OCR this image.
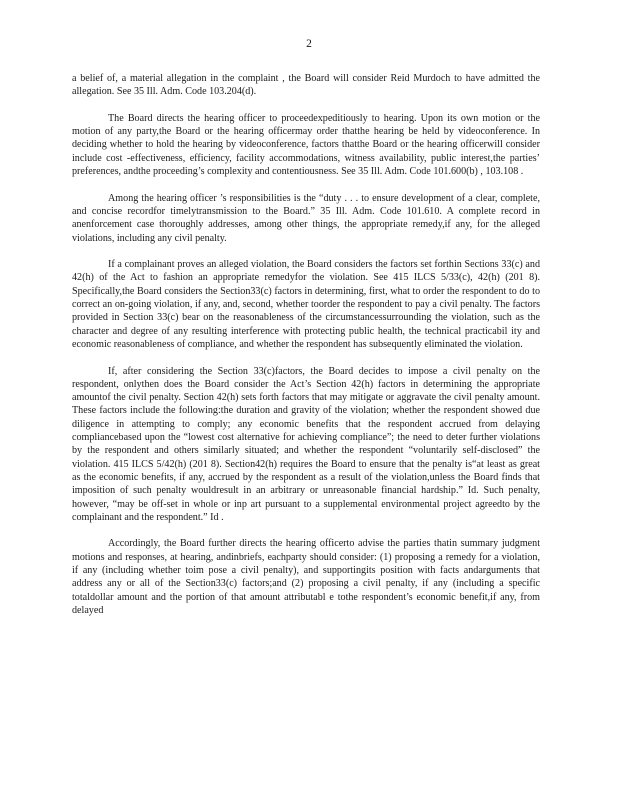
2

a belief of, a material allegation in the complaint , the Board will consider Reid Murdoch to have admitted the allegation. See 35 Ill. Adm. Code 103.204(d).

The Board directs the hearing officer to proceedexpeditiously to hearing. Upon its own motion or the motion of any party,the Board or the hearing officermay order thatthe hearing be held by videoconference. In deciding whether to hold the hearing by videoconference, factors thatthe Board or the hearing officerwill consider include cost -effectiveness, efficiency, facility accommodations, witness availability, public interest,the parties’ preferences, andthe proceeding’s complexity and contentiousness. See 35 Ill. Adm. Code 101.600(b) , 103.108 .

Among the hearing officer ’s responsibilities is the “duty . . . to ensure development of a clear, complete, and concise recordfor timelytransmission to the Board.” 35 Ill. Adm. Code 101.610. A complete record in anenforcement case thoroughly addresses, among other things, the appropriate remedy,if any, for the alleged violations, including any civil penalty.

If a complainant proves an alleged violation, the Board considers the factors set forthin Sections 33(c) and 42(h) of the Act to fashion an appropriate remedyfor the violation. See 415 ILCS 5/33(c), 42(h) (201 8). Specifically,the Board considers the Section33(c) factors in determining, first, what to order the respondent to do to correct an on-going violation, if any, and, second, whether toorder the respondent to pay a civil penalty. The factors provided in Section 33(c) bear on the reasonableness of the circumstancessurrounding the violation, such as the character and degree of any resulting interference with protecting public health, the technical practicabil ity and economic reasonableness of compliance, and whether the respondent has subsequently eliminated the violation.

If, after considering the Section 33(c)factors, the Board decides to impose a civil penalty on the respondent, onlythen does the Board consider the Act’s Section 42(h) factors in determining the appropriate amountof the civil penalty. Section 42(h) sets forth factors that may mitigate or aggravate the civil penalty amount. These factors include the following:the duration and gravity of the violation; whether the respondent showed due diligence in attempting to comply; any economic benefits that the respondent accrued from delaying compliancebased upon the “lowest cost alternative for achieving compliance”; the need to deter further violations by the respondent and others similarly situated; and whether the respondent “voluntarily self-disclosed” the violation. 415 ILCS 5/42(h) (201 8). Section42(h) requires the Board to ensure that the penalty is“at least as great as the economic benefits, if any, accrued by the respondent as a result of the violation,unless the Board finds that imposition of such penalty wouldresult in an arbitrary or unreasonable financial hardship.” Id. Such penalty, however, “may be off-set in whole or inp art pursuant to a supplemental environmental project agreedto by the complainant and the respondent.” Id .

Accordingly, the Board further directs the hearing officerto advise the parties thatin summary judgment motions and responses, at hearing, andinbriefs, eachparty should consider: (1) proposing a remedy for a violation, if any (including whether toim pose a civil penalty), and supportingits position with facts andarguments that address any or all of the Section33(c) factors;and (2) proposing a civil penalty, if any (including a specific totaldollar amount and the portion of that amount attributabl e tothe respondent’s economic benefit,if any, from delayed
